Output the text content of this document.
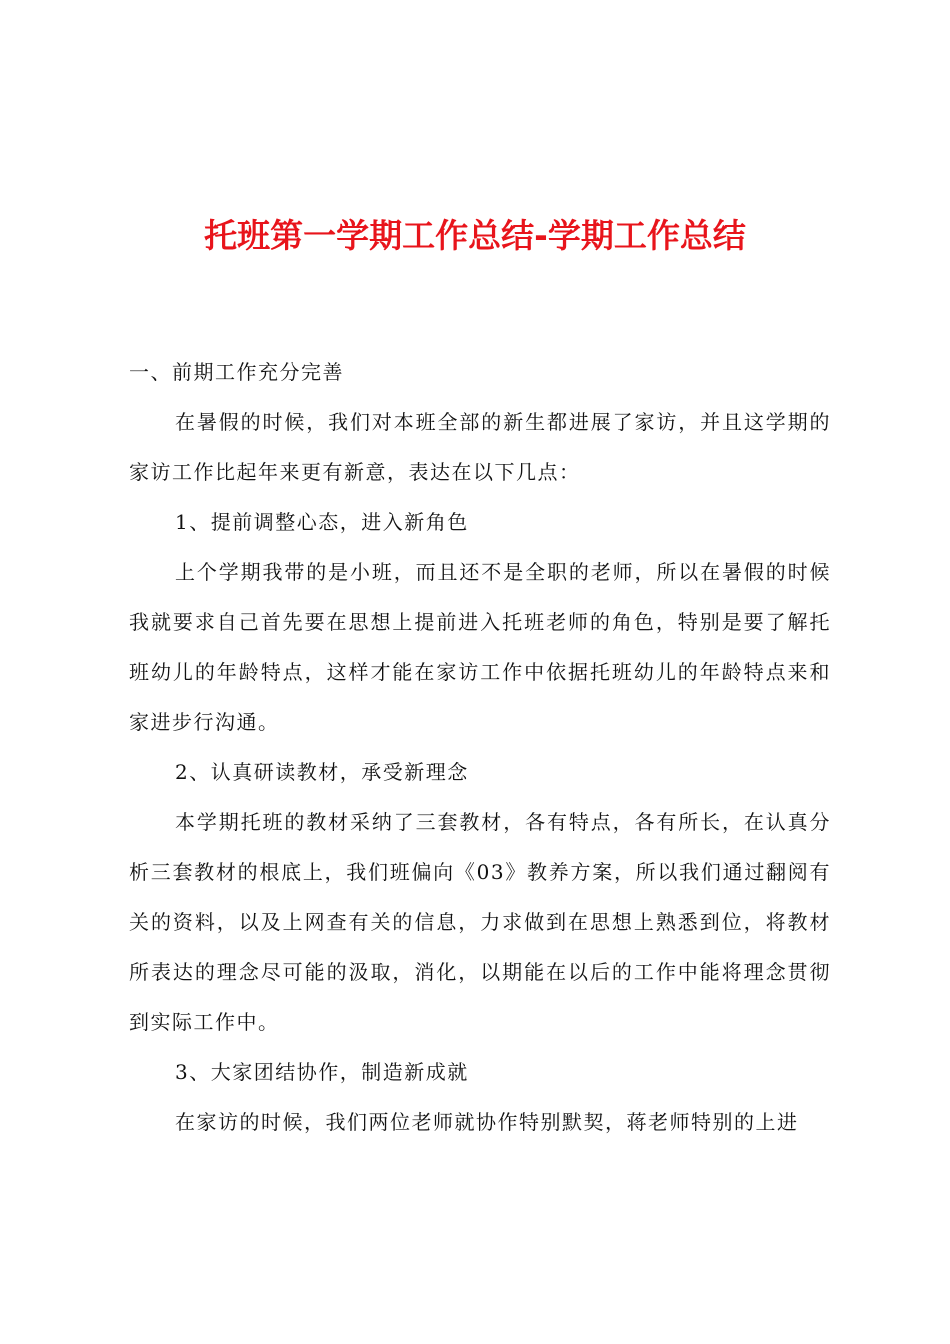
托班第一学期工作总结-学期工作总结

一、前期工作充分完善

在暑假的时候，我们对本班全部的新生都进展了家访，并且这学期的家访工作比起年来更有新意，表达在以下几点：

1、提前调整心态，进入新角色

上个学期我带的是小班，而且还不是全职的老师，所以在暑假的时候我就要求自己首先要在思想上提前进入托班老师的角色，特别是要了解托班幼儿的年龄特点，这样才能在家访工作中依据托班幼儿的年龄特点来和家进步行沟通。

2、认真研读教材，承受新理念

本学期托班的教材采纳了三套教材，各有特点，各有所长，在认真分析三套教材的根底上，我们班偏向《03》教养方案，所以我们通过翻阅有关的资料，以及上网查有关的信息，力求做到在思想上熟悉到位，将教材所表达的理念尽可能的汲取，消化，以期能在以后的工作中能将理念贯彻到实际工作中。

3、大家团结协作，制造新成就

在家访的时候，我们两位老师就协作特别默契，蒋老师特别的上进
